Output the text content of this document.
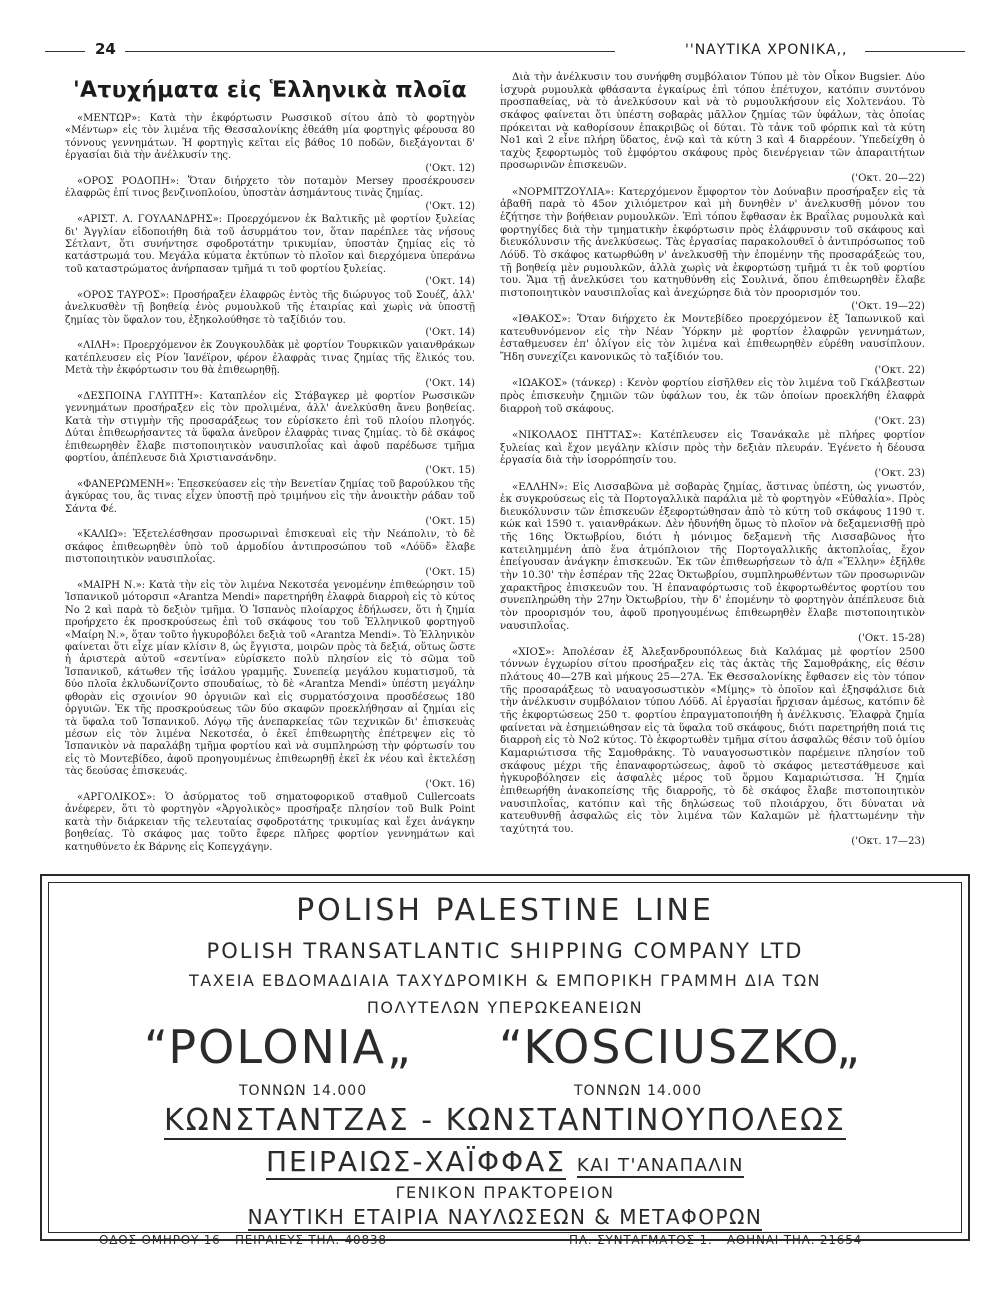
24	''ΝΑΥΤΙΚΑ ΧΡΟΝΙΚΑ,,
'Ατυχήματα εἰς Ἑλληνικὰ πλοῖα

«ΜΕΝΤΩΡ»: Κατὰ τὴν ἐκφόρτωσιν Ρωσσικοῦ σίτου ἀπὸ τὸ φορτηγὸν «Μέντωρ» εἰς τὸν λιμένα τῆς Θεσσαλονίκης ἐθεάθη μία φορτηγὶς φέρουσα 80 τόννους γεννημάτων. Ἡ φορτηγὶς κεῖται εἰς βάθος 10 ποδῶν, διεξάγονται δ' ἐργασίαι διὰ τὴν ἀνέλκυσίν της.
('Οκτ. 12)

«ΟΡΟΣ ΡΟΔΟΠΗ»: Ὅταν διήρχετο τὸν ποταμὸν Mersey προσέκρουσεν ἐλαφρῶς ἐπί τινος βενζινοπλοίου, ὑποστὰν ἀσημάντους τινὰς ζημίας.
('Οκτ. 12)

«ΑΡΙΣΤ. Λ. ΓΟΥΛΑΝΔΡΗΣ»: Προερχόμενον ἐκ Βαλτικῆς μὲ φορτίον ξυλείας δι' Ἀγγλίαν εἰδοποιήθη διὰ τοῦ ἀσυρμάτου τον, ὅταν παρέπλεε τὰς νήσους Σέτλαντ, ὅτι συνήντησε σφοδροτάτην τρικυμίαν, ὑποστὰν ζημίας εἰς τὸ κατάστρωμά του. Μεγάλα κύματα ἐκτύπων τὸ πλοῖον καὶ διερχόμενα ὑπεράνω τοῦ καταστρώματος ἀνήρπασαν τμῆμά τι τοῦ φορτίου ξυλείας.
('Οκτ. 14)

«ΟΡΟΣ ΤΑΥΡΟΣ»: Προσήραξεν ἐλαφρῶς ἐντὸς τῆς διώρυγος τοῦ Σουέζ, ἀλλ' ἀνελκυσθὲν τῇ βοηθείᾳ ἑνὸς ρυμουλκοῦ τῆς ἑταιρίας καὶ χωρὶς νὰ ὑποστῇ ζημίας τὸν ὕφαλον του, ἐξηκολούθησε τὸ ταξίδιόν του.
('Οκτ. 14)

«ΛΙΛΗ»: Προερχόμενον ἐκ Ζουγκουλδὰκ μὲ φορτίον Τουρκικῶν γαιανθράκων κατέπλευσεν εἰς Ρίον Ἰανέϊρον, φέρον ἐλαφρὰς τινας ζημίας τῆς ἕλικός του. Μετὰ τὴν ἐκφόρτωσιν του θὰ ἐπιθεωρηθῇ.
('Οκτ. 14)

«ΔΕΣΠΟΙΝΑ ΓΛΥΠΤΗ»: Καταπλέον εἰς Στάβαγκερ μὲ φορτίον Ρωσσικῶν γεννημάτων προσήραξεν εἰς τὸν προλιμένα, ἀλλ' ἀνελκύσθη ἄνευ βοηθείας. Κατὰ τὴν στιγμὴν τῆς προσαράξεως τον εὑρίσκετο ἐπὶ τοῦ πλοίου πλοηγός. Δύται ἐπιθεωρήσαντες τὰ ὕφαλα ἀνεῦρον ἐλαφρὰς τινας ζημίας. τὸ δὲ σκάφος ἐπιθεωρηθὲν ἔλαβε πιστοποιητικὸν ναυσιπλοΐας καὶ ἀφοῦ παρέδωσε τμῆμα φορτίου, ἀπέπλευσε διὰ Χριστιανσάνδην.
('Οκτ. 15)

«ΦΑΝΕΡΩΜΕΝΗ»: Ἐπεσκεύασεν εἰς τὴν Βενετίαν ζημίας τοῦ βαρούλκου τῆς ἀγκύρας του, ἃς τινας εἶχεν ὑποστῇ πρὸ τριμήνου εἰς τὴν ἀνοικτὴν ράδαν τοῦ Σάντα Φέ.
('Οκτ. 15)

«ΚΑΛΙΩ»: Ἐξετελέσθησαν προσωριναὶ ἐπισκευαὶ εἰς τὴν Νεάπολιν, τὸ δὲ σκάφος ἐπιθεωρηθὲν ὑπὸ τοῦ ἀρμοδίου ἀντιπροσώπου τοῦ «Λόϋδ» ἔλαβε πιστοποιητικὸν ναυσιπλοΐας.
('Οκτ. 15)

«ΜΑΙΡΗ Ν.»: Κατὰ τὴν εἰς τὸν λιμένα Νεκοτσέα γενομένην ἐπιθεώρησιν τοῦ Ἱσπανικοῦ μότορσιπ «Arantza Mendi» παρετηρήθη ἐλαφρὰ διαρροὴ εἰς τὸ κύτος Νο 2 καὶ παρὰ τὸ δεξιὸν τμῆμα. Ὁ Ἱσπανὸς πλοίαρχος ἐδήλωσεν, ὅτι ἡ ζημία προήρχετο ἐκ προσκρούσεως ἐπὶ τοῦ σκάφους του τοῦ Ἑλληνικοῦ φορτηγοῦ «Μαίρη Ν.», ὅταν τοῦτο ἠγκυροβόλει δεξιὰ τοῦ «Arantza Mendi». Τὸ Ἑλληνικὸν φαίνεται ὅτι εἶχε μίαν κλίσιν 8, ὡς ἔγγιστα, μοιρῶν πρὸς τὰ δεξιά, οὕτως ὥστε ἡ ἀριστερὰ αὐτοῦ «σεντίνα» εὑρίσκετο πολὺ πλησίον εἰς τὸ σῶμα τοῦ Ἱσπανικοῦ, κάτωθεν τῆς ἰσάλου γραμμῆς. Συνεπείᾳ μεγάλου κυματισμοῦ, τὰ δύο πλοῖα ἐκλυδωνίζοντο σπουδαίως, τὸ δὲ «Arantza Mendi» ὑπέστη μεγάλην φθορὰν εἰς σχοινίον 90 ὀργυιῶν καὶ εἰς συρματόσχοινα προσδέσεως 180 ὀργυιῶν. Ἐκ τῆς προσκρούσεως τῶν δύο σκαφῶν προεκλήθησαν αἱ ζημίαι εἰς τὰ ὕφαλα τοῦ Ἱσπανικοῦ. Λόγῳ τῆς ἀνεπαρκείας τῶν τεχνικῶν δι' ἐπισκευὰς μέσων εἰς τὸν λιμένα Νεκοτσέα, ὁ ἐκεῖ ἐπιθεωρητὴς ἐπέτρεψεν εἰς τὸ Ἱσπανικὸν νὰ παραλάβῃ τμῆμα φορτίου καὶ νὰ συμπληρώσῃ τὴν φόρτωσίν του εἰς τὸ Μοντεβίδεο, ἀφοῦ προηγουμένως ἐπιθεωρηθῇ ἐκεῖ ἐκ νέου καὶ ἐκτελέσῃ τὰς δεούσας ἐπισκευάς.
('Οκτ. 16)

«ΑΡΓΟΛΙΚΟΣ»: Ὁ ἀσύρματος τοῦ σηματοφορικοῦ σταθμοῦ Cullercoats ἀνέφερεν, ὅτι τὸ φορτηγὸν «Ἀργολικὸς» προσήραξε πλησίον τοῦ Bulk Point κατὰ τὴν διάρκειαν τῆς τελευταίας σφοδροτάτης τρικυμίας καὶ ἔχει ἀνάγκην βοηθείας. Τὸ σκάφος μας τοῦτο ἔφερε πλῆρες φορτίον γεννημάτων καὶ κατηυθύνετο ἐκ Βάρνης εἰς Κοπεγχάγην.

Διὰ τὴν ἀνέλκυσιν του συνήφθη συμβόλαιον Τύπου μὲ τὸν Οἶκον Bugsier. Δύο ἰσχυρὰ ρυμουλκὰ φθάσαντα ἐγκαίρως ἐπὶ τόπου ἐπέτυχον, κατόπιν συντόνου προσπαθείας, νὰ τὸ ἀνελκύσουν καὶ νὰ τὸ ρυμουλκήσουν εἰς Χολτενάου. Τὸ σκάφος φαίνεται ὅτι ὑπέστη σοβαρὰς μᾶλλον ζημίας τῶν ὑφάλων, τὰς ὁποίας πρόκειται νὰ καθορίσουν ἐπακριβῶς οἱ δύται. Τὸ τἀνκ τοῦ φόρπικ καὶ τὰ κύτη Νο1 καὶ 2 εἶνε πλήρη ὕδατος, ἐνῷ καὶ τὰ κύτη 3 καὶ 4 διαρρέουν. Ὑπεδείχθη ὁ ταχὺς ξεφορτωμὸς τοῦ ἐμφόρτου σκάφους πρὸς διενέργειαν τῶν ἀπαραιτήτων προσωρινῶν ἐπισκευῶν.
('Οκτ. 20—22)

«ΝΟΡΜΙΤΖΟΥΛΙΑ»: Κατερχόμενον ἔμφορτον τὸν Δούναβιν προσήραξεν εἰς τὰ ἀβαθῆ παρὰ τὸ 45ον χιλιόμετρον καὶ μὴ δυνηθὲν ν' ἀνελκυσθῇ μόνον του ἐζήτησε τὴν βοήθειαν ρυμουλκῶν. Ἐπὶ τόπου ἔφθασαν ἐκ Βραΐλας ρυμουλκὰ καὶ φορτηγίδες διὰ τὴν τμηματικὴν ἐκφόρτωσιν πρὸς ἐλάφρυνσιν τοῦ σκάφους καὶ διευκόλυνσιν τῆς ἀνελκύσεως. Τὰς ἐργασίας παρακολουθεῖ ὁ ἀντιπρόσωπος τοῦ Λόϋδ. Τὸ σκάφος κατωρθώθη ν' ἀνελκυσθῇ τὴν ἐπομένην τῆς προσαράξεώς του, τῇ βοηθείᾳ μὲν ρυμουλκῶν, ἀλλὰ χωρὶς νὰ ἐκφορτώσῃ τμῆμά τι ἐκ τοῦ φορτίου του. Ἅμα τῇ ἀνελκύσει του κατηυθύνθη εἰς Σουλινά, ὅπου ἐπιθεωρηθὲν ἔλαβε πιστοποιητικὸν ναυσιπλοΐας καὶ ἀνεχώρησε διὰ τὸν προορισμόν του.
('Οκτ. 19—22)

«ΙΘΑΚΟΣ»: Ὅταν διήρχετο ἐκ Μοντεβίδεο προερχόμενον ἐξ Ἰαπωνικοῦ καὶ κατευθυνόμενον εἰς τὴν Νέαν Ὑόρκην μὲ φορτίον ἐλαφρῶν γεννημάτων, ἐσταθμευσεν ἐπ' ὀλίγον εἰς τὸν λιμένα καὶ ἐπιθεωρηθὲν εὑρέθη ναυσίπλουν. Ἤδη συνεχίζει κανονικῶς τὸ ταξίδιόν του.
('Οκτ. 22)

«ΙΩΑΚΟΣ» (τάνκερ) : Κενὸν φορτίου εἰσῆλθεν εἰς τὸν λιμένα τοῦ Γκάλβεστων πρὸς ἐπισκευὴν ζημιῶν τῶν ὑφάλων του, ἐκ τῶν ὁποίων προεκλήθη ἐλαφρὰ διαρροὴ τοῦ σκάφους.
('Οκτ. 23)

«ΝΙΚΟΛΑΟΣ ΠΗΤΤΑΣ»: Κατέπλευσεν εἰς Τσανάκαλε μὲ πλήρες φορτίον ξυλείας καὶ ἔχον μεγάλην κλίσιν πρὸς τὴν δεξιὰν πλευράν. Ἐγένετο ἡ δέουσα ἐργασία διὰ τὴν ἰσορρόπησίν του.
('Οκτ. 23)

«ΕΛΛΗΝ»: Εἰς Λισσαβῶνα μὲ σοβαρὰς ζημίας, ἅστινας ὑπέστη, ὡς γνωστόν, ἐκ συγκρούσεως εἰς τὰ Πορτογαλλικὰ παράλια μὲ τὸ φορτηγὸν «Εὐθαλία». Πρὸς διευκόλυνσιν τῶν ἐπισκευῶν ἐξεφορτώθησαν ἀπὸ τὸ κύτη τοῦ σκάφους 1190 τ. κώκ καὶ 1590 τ. γαιανθράκων. Δὲν ἠδυνήθη ὅμως τὸ πλοῖον νὰ δεξαμενισθῇ πρὸ τῆς 16ης Ὀκτωβρίου, διότι ἡ μόνιμος δεξαμενὴ τῆς Λισσαβῶνος ἦτο κατειλημμένη ἀπὸ ἕνα ἀτμόπλοιον τῆς Πορτογαλλικῆς ἀκτοπλοΐας, ἔχον ἐπείγουσαν ἀνάγκην ἐπισκευῶν. Ἐκ τῶν ἐπιθεωρήσεων τὸ ἀ/π «Ἕλλην» ἐξῆλθε τὴν 10.30' τὴν ἑσπέραν τῆς 22ας Ὀκτωβρίου, συμπληρωθέντων τῶν προσωρινῶν χαρακτῆρος ἐπισκευῶν του. Ἡ ἐπαναφόρτωσις τοῦ ἐκφορτωθέντος φορτίου του συνεπληρώθη τὴν 27ην Ὀκτωβρίου, τὴν δ' ἐπομένην τὸ φορτηγὸν ἀπέπλευσε διὰ τὸν προορισμόν του, ἀφοῦ προηγουμένως ἐπιθεωρηθὲν ἔλαβε πιστοποιητικὸν ναυσιπλοΐας.
('Οκτ. 15-28)

«ΧΙΟΣ»: Ἀπολέσαν ἐξ Ἀλεξανδρουπόλεως διὰ Καλάμας μὲ φορτίον 2500 τόννων ἐγχωρίου σίτου προσήραξεν εἰς τὰς ἀκτὰς τῆς Σαμοθράκης, εἰς θέσιν πλάτους 40—27Β καὶ μήκους 25—27Α. Ἐκ Θεσσαλονίκης ἔφθασεν εἰς τὸν τόπον τῆς προσαράξεως τὸ ναυαγοσωστικὸν «Μίμης» τὸ ὁποῖον καὶ ἐξησφάλισε διὰ τὴν ἀνέλκυσιν συμβόλαιον τύπου Λόϋδ. Αἱ ἐργασίαι ἤρχισαν ἀμέσως, κατόπιν δὲ τῆς ἐκφορτώσεως 250 τ. φορτίου ἐπραγματοποιήθη ἡ ἀνέλκυσις. Ἐλαφρὰ ζημία φαίνεται νὰ ἐσημειώθησαν εἰς τὰ ὕφαλα τοῦ σκάφους, διότι παρετηρήθη ποιά τις διαρροὴ εἰς τὸ Νο2 κύτος. Τὸ ἐκφορτωθὲν τμῆμα σίτου ἀσφαλῶς θέσιν τοῦ ὁμίου Καμαριώτισσα τῆς Σαμοθράκης. Τὸ ναυαγοσωστικὸν παρέμεινε πλησίον τοῦ σκάφους μέχρι τῆς ἐπαναφορτώσεως, ἀφοῦ τὸ σκάφος μετεστάθμευσε καὶ ἠγκυροβόλησεν εἰς ἀσφαλὲς μέρος τοῦ ὅρμου Καμαριώτισσα. Ἡ ζημία ἐπιθεωρήθη ἀνακοπείσης τῆς διαρροῆς, τὸ δὲ σκάφος ἔλαβε πιστοποιητικὸν ναυσιπλοΐας, κατόπιν καὶ τῆς δηλώσεως τοῦ πλοιάρχου, ὅτι δύναται νὰ κατευθυνθῇ ἀσφαλῶς εἰς τὸν λιμένα τῶν Καλαμῶν μὲ ἠλαττωμένην τὴν ταχύτητά του.
('Οκτ. 17—23)

POLISH PALESTINE LINE
POLISH TRANSATLANTIC SHIPPING COMPANY LTD
ΤΑΧΕΙΑ ΕΒΔΟΜΑΔΙΑΙΑ ΤΑΧΥΔΡΟΜΙΚΗ & ΕΜΠΟΡΙΚΗ ΓΡΑΜΜΗ ΔΙΑ ΤΩΝ
ΠΟΛΥΤΕΛΩΝ ΥΠΕΡΩΚΕΑΝΕΙΩΝ
“POLONIA„ “KOSCIUSZKO„
ΤΟΝΝΩΝ 14.000	ΤΟΝΝΩΝ 14.000
ΚΩΝΣΤΑΝΤΖΑΣ - ΚΩΝΣΤΑΝΤΙΝΟΥΠΟΛΕΩΣ
ΠΕΙΡΑΙΩΣ-ΧΑΪΦΦΑΣ ΚΑΙ Τ'ΑΝΑΠΑΛΙΝ
ΓΕΝΙΚΟΝ ΠΡΑΚΤΟΡΕΙΟΝ
ΝΑΥΤΙΚΗ ΕΤΑΙΡΙΑ ΝΑΥΛΩΣΕΩΝ & ΜΕΤΑΦΟΡΩΝ
ΟΔΟΣ ΟΜΗΡΟΥ 16 - ΠΕΙΡΑΙΕΥΣ ΤΗΛ. 40838	ΠΛ. ΣΥΝΤΑΓΜΑΤΟΣ 1. - ΑΘΗΝΑΙ ΤΗΛ. 21654
